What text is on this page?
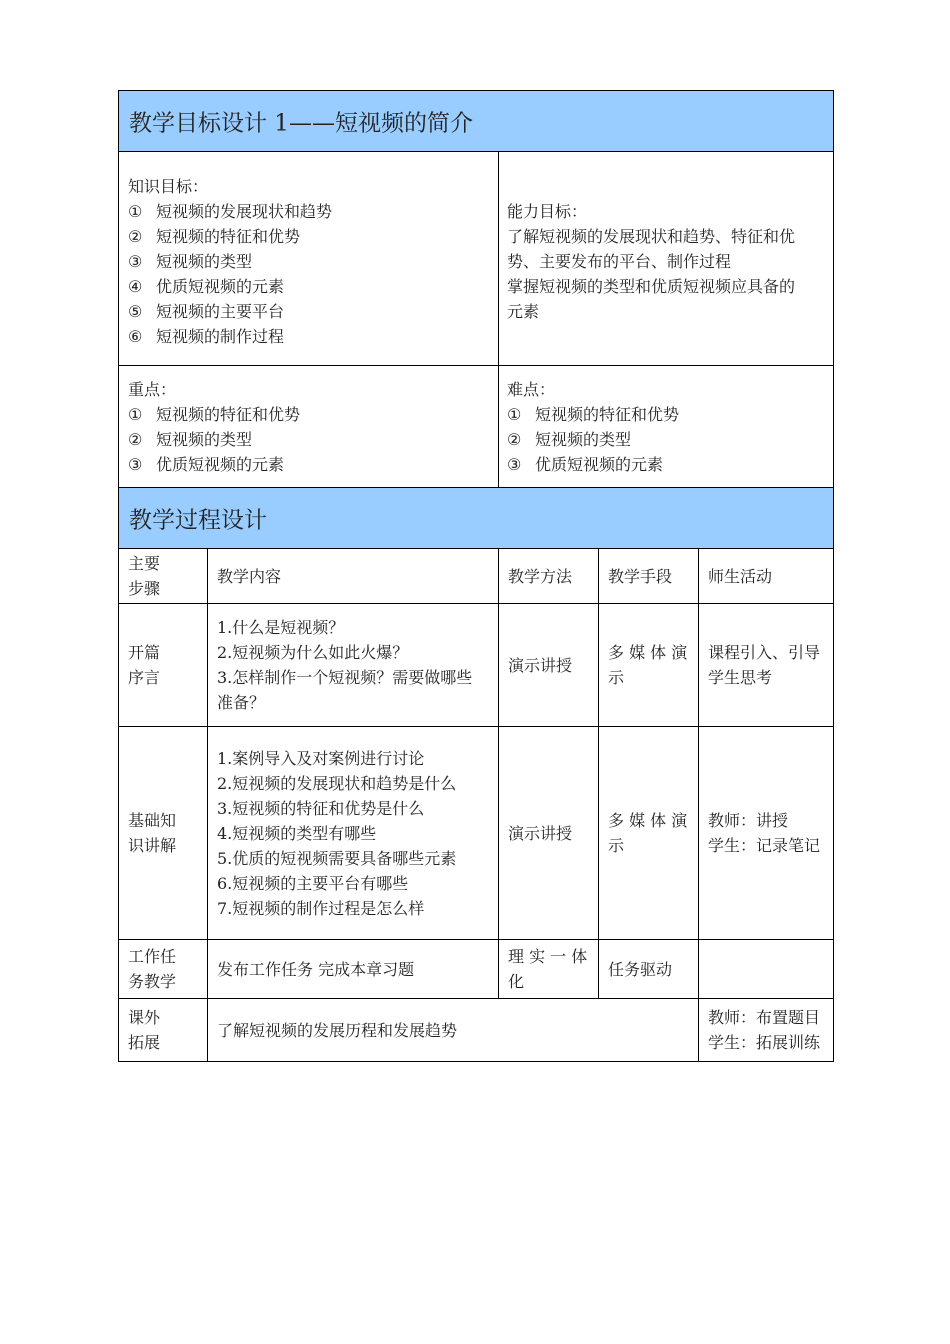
教学目标设计 1——短视频的简介
知识目标：
① 短视频的发展现状和趋势
② 短视频的特征和优势
③ 短视频的类型
④ 优质短视频的元素
⑤ 短视频的主要平台
⑥ 短视频的制作过程
能力目标：
了解短视频的发展现状和趋势、特征和优
势、主要发布的平台、制作过程
掌握短视频的类型和优质短视频应具备的
元素
重点：
① 短视频的特征和优势
② 短视频的类型
③ 优质短视频的元素
难点：
① 短视频的特征和优势
② 短视频的类型
③ 优质短视频的元素
教学过程设计
主要
步骤
教学内容	教学方法 教学手段 师生活动
开篇
序言
1.什么是短视频？
2.短视频为什么如此火爆？
3.怎样制作一个短视频？需要做哪些
准备？
演示讲授
多 媒 体 演
示
课程引入、引导
学生思考
基础知
识讲解
1.案例导入及对案例进行讨论
2.短视频的发展现状和趋势是什么
3.短视频的特征和优势是什么
4.短视频的类型有哪些
5.优质的短视频需要具备哪些元素
6.短视频的主要平台有哪些
7.短视频的制作过程是怎么样
演示讲授
多 媒 体 演
示
教师：讲授
学生：记录笔记
工作任
务教学
发布工作任务 完成本章习题
理 实 一 体
化
任务驱动
课外
拓展
了解短视频的发展历程和发展趋势
教师：布置题目
学生：拓展训练
